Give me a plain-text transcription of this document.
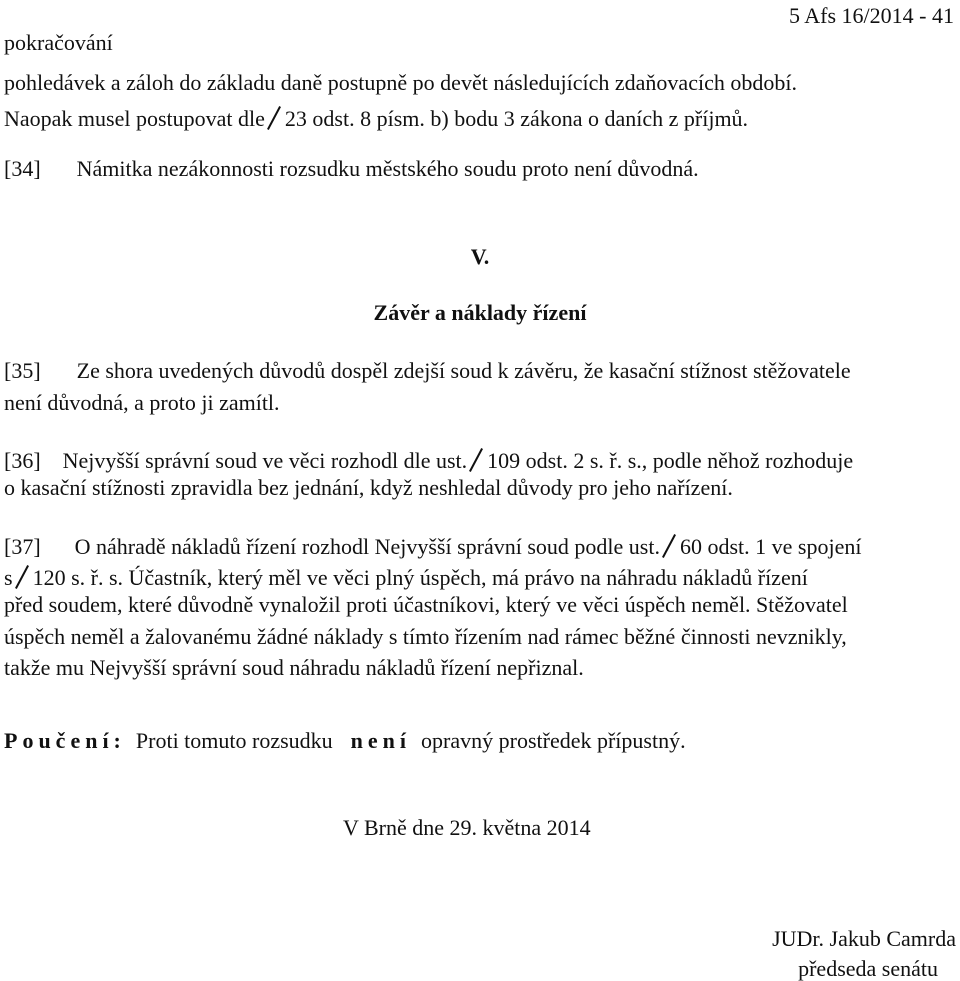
pokračování
5 Afs 16/2014 - 41
pohledávek a záloh do základu daně postupně po devět následujících zdaňovacích období.
Naopak musel postupovat dle 23 odst. 8 písm. b) bodu 3 zákona o daních z příjmů.
[34] Námitka nezákonnosti rozsudku městského soudu proto není důvodná.
V.
Závěr a náklady řízení
[35] Ze shora uvedených důvodů dospěl zdejší soud k závěru, že kasační stížnost stěžovatele
není důvodná, a proto ji zamítl.
[36] Nejvyšší správní soud ve věci rozhodl dle ust. 109 odst. 2 s. ř. s., podle něhož rozhoduje
o kasační stížnosti zpravidla bez jednání, když neshledal důvody pro jeho nařízení.
[37] O náhradě nákladů řízení rozhodl Nejvyšší správní soud podle ust. 60 odst. 1 ve spojení
s 120 s. ř. s. Účastník, který měl ve věci plný úspěch, má právo na náhradu nákladů řízení
před soudem, které důvodně vynaložil proti účastníkovi, který ve věci úspěch neměl. Stěžovatel
úspěch neměl a žalovanému žádné náklady s tímto řízením nad rámec běžné činnosti nevznikly,
takže mu Nejvyšší správní soud náhradu nákladů řízení nepřiznal.
Poučení: Proti tomuto rozsudku není opravný prostředek přípustný.
V Brně dne 29. května 2014
JUDr. Jakub Camrda
předseda senátu
